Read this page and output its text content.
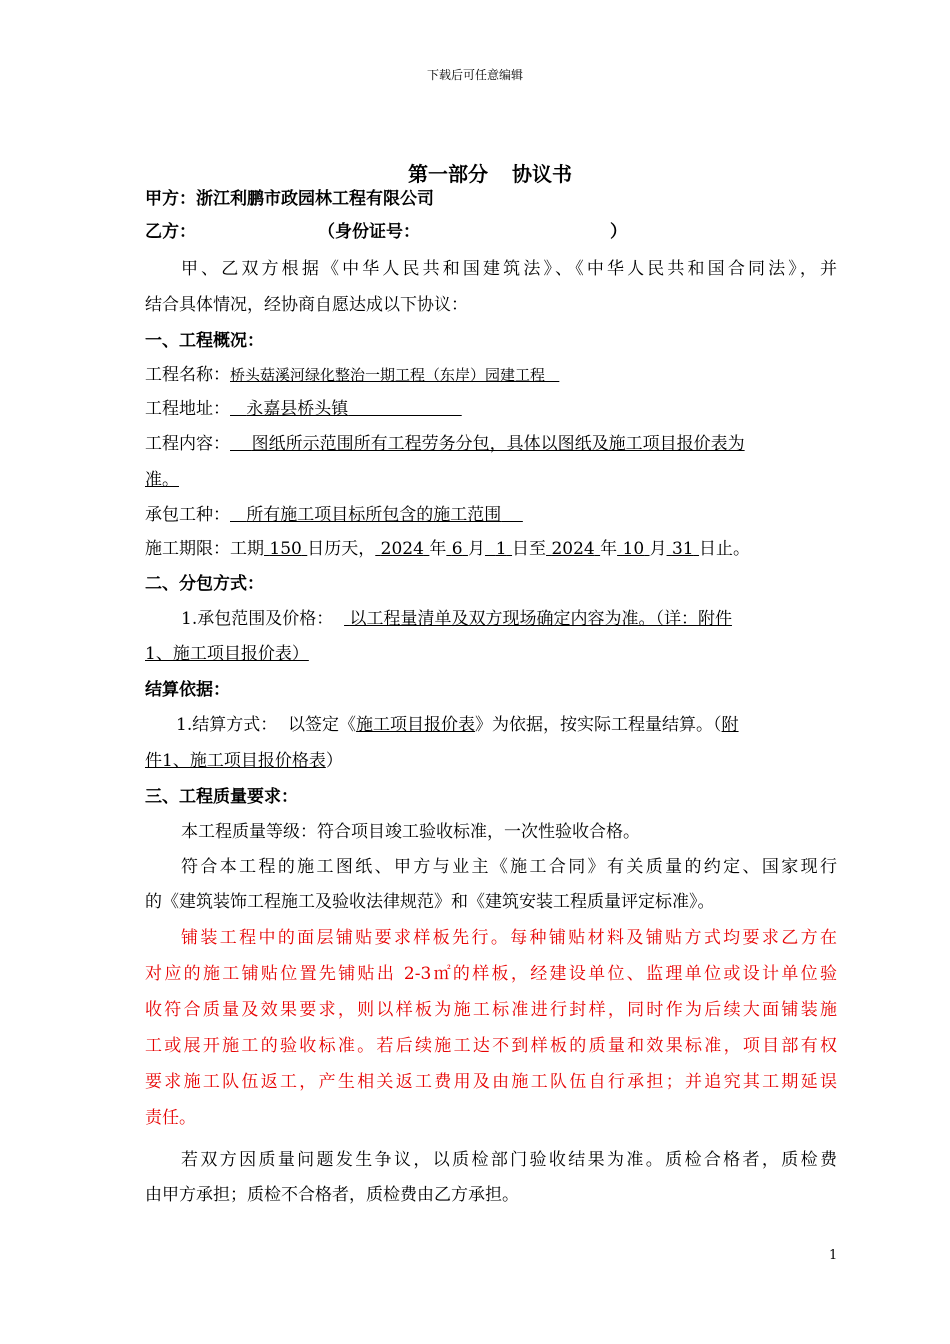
下载后可任意编辑
第一部分 协议书
甲方：浙江利鹏市政园林工程有限公司
乙方：	（身份证号：	）
甲、乙双方根据《中华人民共和国建筑法》、《中华人民共和国合同法》，并
结合具体情况，经协商自愿达成以下协议：
一、工程概况：
工程名称：桥头菇溪河绿化整治一期工程（东岸）园建工程
工程地址： 永嘉县桥头镇
工程内容： 图纸所示范围所有工程劳务分包，具体以图纸及施工项目报价表为
准。
承包工种： 所有施工项目标所包含的施工范围
施工期限：工期 150 日历天， 2024 年 6 月 1 日至 2024 年 10 月 31 日止。
二、分包方式：
1.承包范围及价格： 以工程量清单及双方现场确定内容为准。（详：附件
1、施工项目报价表）
结算依据：
1.结算方式： 以签定《施工项目报价表》为依据，按实际工程量结算。（附
件1、施工项目报价格表）
三、工程质量要求：
本工程质量等级：符合项目竣工验收标准，一次性验收合格。
符合本工程的施工图纸、甲方与业主《施工合同》有关质量的约定、国家现行
的《建筑装饰工程施工及验收法律规范》和《建筑安装工程质量评定标准》。
铺装工程中的面层铺贴要求样板先行。每种铺贴材料及铺贴方式均要求乙方在
对应的施工铺贴位置先铺贴出 2-3㎡的样板，经建设单位、监理单位或设计单位验
收符合质量及效果要求，则以样板为施工标准进行封样，同时作为后续大面铺装施
工或展开施工的验收标准。若后续施工达不到样板的质量和效果标准，项目部有权
要求施工队伍返工，产生相关返工费用及由施工队伍自行承担；并追究其工期延误
责任。
若双方因质量问题发生争议，以质检部门验收结果为准。质检合格者，质检费
由甲方承担；质检不合格者，质检费由乙方承担。
1
